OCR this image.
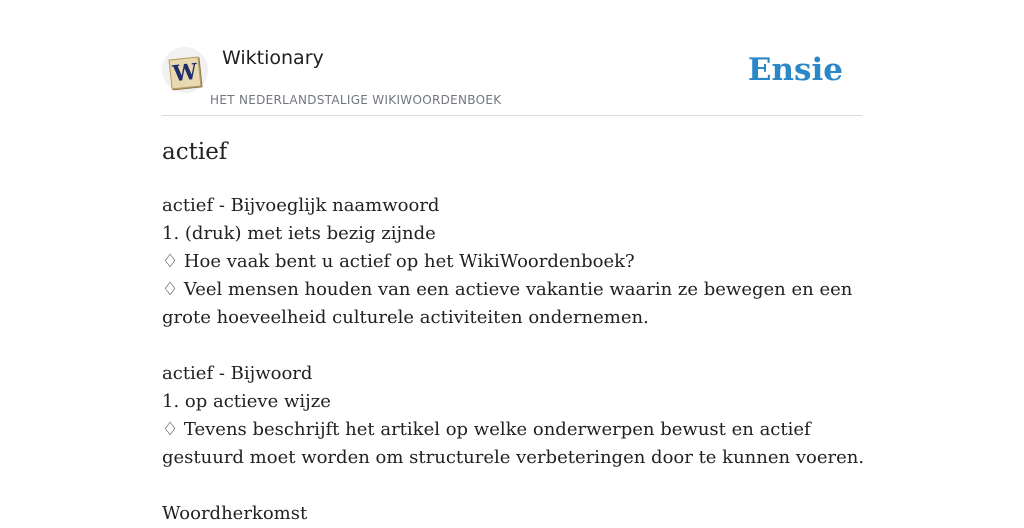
W
Wiktionary
HET NEDERLANDSTALIGE WIKIWOORDENBOEK
Ensie
actief
actief - Bijvoeglijk naamwoord
1. (druk) met iets bezig zijnde
♢ Hoe vaak bent u actief op het WikiWoordenboek?
♢ Veel mensen houden van een actieve vakantie waarin ze bewegen en een grote hoeveelheid culturele activiteiten ondernemen.
actief - Bijwoord
1. op actieve wijze
♢ Tevens beschrijft het artikel op welke onderwerpen bewust en actief gestuurd moet worden om structurele verbeteringen door te kunnen voeren.
Woordherkomst
